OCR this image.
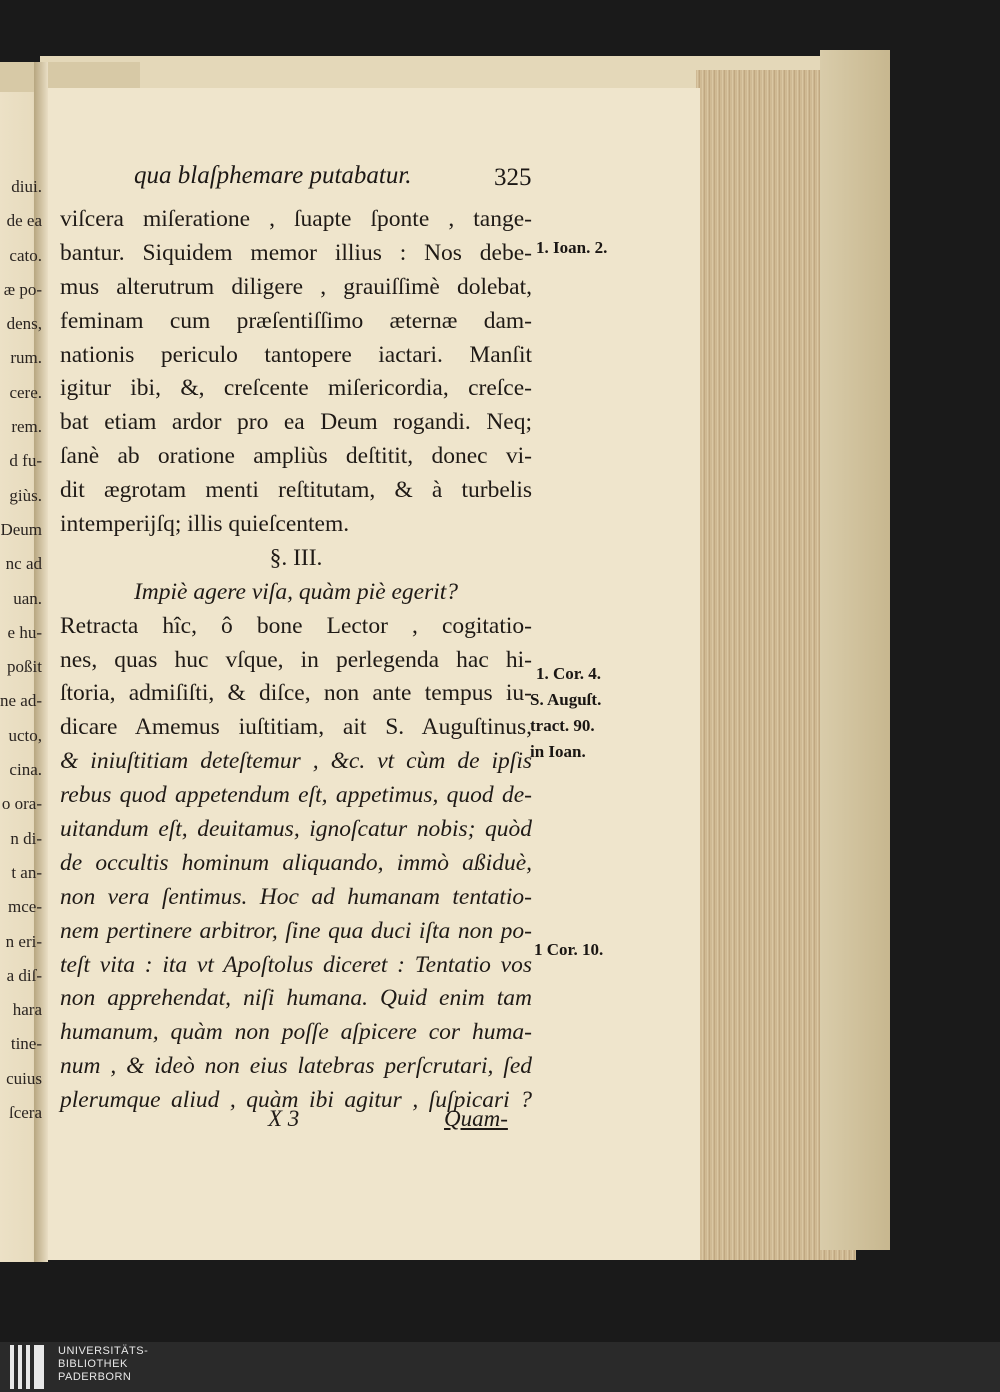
diui.
de ea
cato.
æ po-
dens,
rum.
cere.
rem.
d fu-
giùs.
Deum
nc ad
uan.
e hu-
poßit
ne ad-
ucto,
cina.
o ora-
n di-
t an-
mce-
n eri-
a diſ-
hara
tine-
cuius
ſcera
qua blaſphemare putabatur.	325
viſcera miſeratione , ſuapte ſponte , tange-
bantur. Siquidem memor illius : Nos debe-
mus alterutrum diligere , grauiſſimè dolebat,
feminam cum præſentiſſimo æternæ dam-
nationis periculo tantopere iactari. Manſit
igitur ibi, &, creſcente miſericordia, creſce-
bat etiam ardor pro ea Deum rogandi. Neq;
ſanè ab oratione ampliùs deſtitit, donec vi-
dit ægrotam menti reſtitutam, & à turbelis
intemperijſq; illis quieſcentem.
§. III.
Impiè agere viſa, quàm piè egerit?
Retracta hîc, ô bone Lector , cogitatio-
nes, quas huc vſque, in perlegenda hac hi-
ſtoria, admiſiſti, & diſce, non ante tempus iu-
dicare Amemus iuſtitiam, ait S. Auguſtinus,
& iniuſtitiam deteſtemur , &c. vt cùm de ipſis
rebus quod appetendum eſt, appetimus, quod de-
uitandum eſt, deuitamus, ignoſcatur nobis; quòd
de occultis hominum aliquando, immò aßiduè,
non vera ſentimus. Hoc ad humanam tentatio-
nem pertinere arbitror, ſine qua duci iſta non po-
teſt vita : ita vt Apoſtolus diceret : Tentatio vos
non apprehendat, niſi humana. Quid enim tam
humanum, quàm non poſſe aſpicere cor huma-
num , & ideò non eius latebras perſcrutari, ſed
plerumque aliud , quàm ibi agitur , ſuſpicari ?
1. Ioan. 2.
1. Cor. 4.
S. Auguſt.
tract. 90.
in Ioan.
1 Cor. 10.
X 3	Quam-
UNIVERSITÄTS-
BIBLIOTHEK
PADERBORN
